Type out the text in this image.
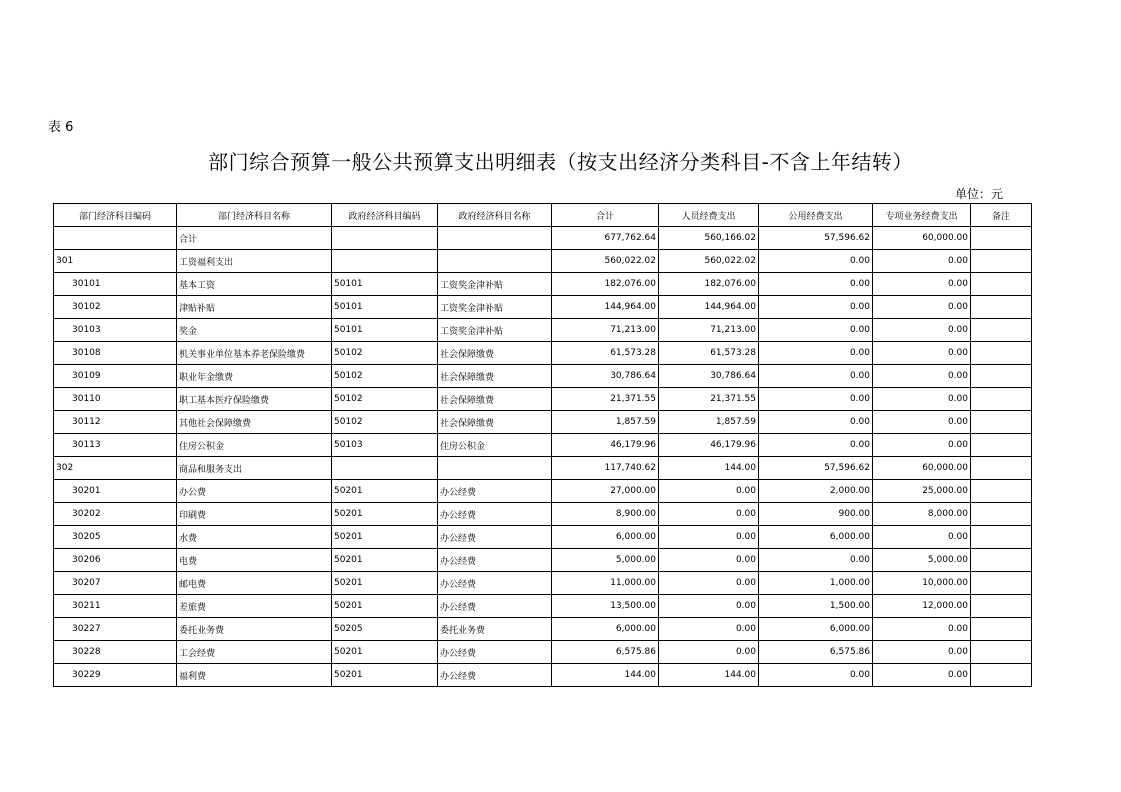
表 6
部门综合预算一般公共预算支出明细表（按支出经济分类科目-不含上年结转）
单位：元
部门经济科目编码	部门经济科目名称	政府经济科目编码	政府经济科目名称	合计	人员经费支出	公用经费支出	专项业务经费支出	备注
	合计			677,762.64	560,166.02	57,596.62	60,000.00	
301	工资福利支出			560,022.02	560,022.02	0.00	0.00	
30101	基本工资	50101	工资奖金津补贴	182,076.00	182,076.00	0.00	0.00	
30102	津贴补贴	50101	工资奖金津补贴	144,964.00	144,964.00	0.00	0.00	
30103	奖金	50101	工资奖金津补贴	71,213.00	71,213.00	0.00	0.00	
30108	机关事业单位基本养老保险缴费	50102	社会保障缴费	61,573.28	61,573.28	0.00	0.00	
30109	职业年金缴费	50102	社会保障缴费	30,786.64	30,786.64	0.00	0.00	
30110	职工基本医疗保险缴费	50102	社会保障缴费	21,371.55	21,371.55	0.00	0.00	
30112	其他社会保障缴费	50102	社会保障缴费	1,857.59	1,857.59	0.00	0.00	
30113	住房公积金	50103	住房公积金	46,179.96	46,179.96	0.00	0.00	
302	商品和服务支出			117,740.62	144.00	57,596.62	60,000.00	
30201	办公费	50201	办公经费	27,000.00	0.00	2,000.00	25,000.00	
30202	印刷费	50201	办公经费	8,900.00	0.00	900.00	8,000.00	
30205	水费	50201	办公经费	6,000.00	0.00	6,000.00	0.00	
30206	电费	50201	办公经费	5,000.00	0.00	0.00	5,000.00	
30207	邮电费	50201	办公经费	11,000.00	0.00	1,000.00	10,000.00	
30211	差旅费	50201	办公经费	13,500.00	0.00	1,500.00	12,000.00	
30227	委托业务费	50205	委托业务费	6,000.00	0.00	6,000.00	0.00	
30228	工会经费	50201	办公经费	6,575.86	0.00	6,575.86	0.00	
30229	福利费	50201	办公经费	144.00	144.00	0.00	0.00	
